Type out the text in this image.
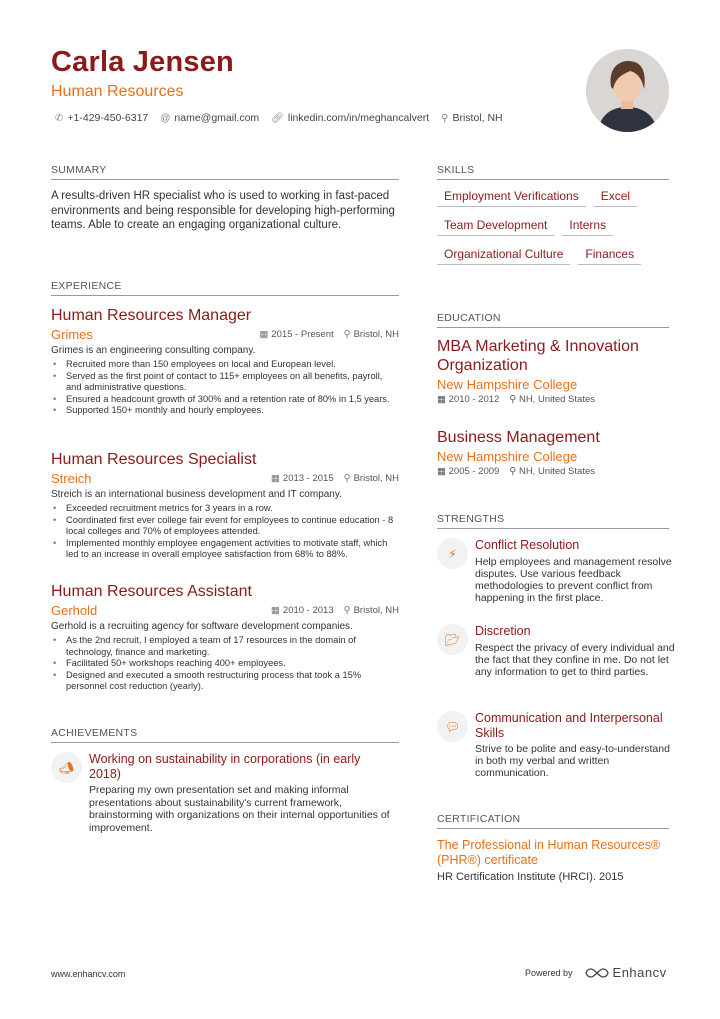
Carla Jensen
Human Resources
✆ +1-429-450-6317 @ name@gmail.com 🔗︎ linkedin.com/in/meghancalvert ⚲ Bristol, NH
SUMMARY
A results-driven HR specialist who is used to working in fast-paced environments and being responsible for developing high-performing teams. Able to create an engaging organizational culture.
EXPERIENCE
Human Resources Manager
Grimes	▦ 2015 - Present ⚲ Bristol, NH
Grimes is an engineering consulting company.
• Recruited more than 150 employees on local and European level.
• Served as the first point of contact to 115+ employees on all benefits, payroll, and administrative questions.
• Ensured a headcount growth of 300% and a retention rate of 80% in 1,5 years.
• Supported 150+ monthly and hourly employees.
Human Resources Specialist
Streich	▦ 2013 - 2015 ⚲ Bristol, NH
Streich is an international business development and IT company.
• Exceeded recruitment metrics for 3 years in a row.
• Coordinated first ever college fair event for employees to continue education - 8 local colleges and 70% of employees attended.
• Implemented monthly employee engagement activities to motivate staff, which led to an increase in overall employee satisfaction from 68% to 88%.
Human Resources Assistant
Gerhold	▦ 2010 - 2013 ⚲ Bristol, NH
Gerhold is a recruiting agency for software development companies.
• As the 2nd recruit, I employed a team of 17 resources in the domain of technology, finance and marketing.
• Facilitated 50+ workshops reaching 400+ employees.
• Designed and executed a smooth restructuring process that took a 15% personnel cost reduction (yearly).
ACHIEVEMENTS
📣︎
Working on sustainability in corporations (in early 2018)
Preparing my own presentation set and making informal presentations about sustainability's current framework, brainstorming with organizations on their internal opportunities of improvement.
SKILLS
Employment Verifications	Excel
Team Development	Interns
Organizational Culture	Finances
EDUCATION
MBA Marketing & Innovation Organization
New Hampshire College
▦ 2010 - 2012 ⚲ NH, United States
Business Management
New Hampshire College
▦ 2005 - 2009 ⚲ NH, United States
STRENGTHS
⚡︎
Conflict Resolution
Help employees and management resolve disputes. Use various feedback methodologies to prevent conflict from happening in the first place.
📂︎
Discretion
Respect the privacy of every individual and the fact that they confine in me. Do not let any information to get to third parties.
💬︎
Communication and Interpersonal Skills
Strive to be polite and easy-to-understand in both my verbal and written communication.
CERTIFICATION
The Professional in Human Resources® (PHR®) certificate
HR Certification Institute (HRCI). 2015
www.enhancv.com	Powered by	Enhancv
